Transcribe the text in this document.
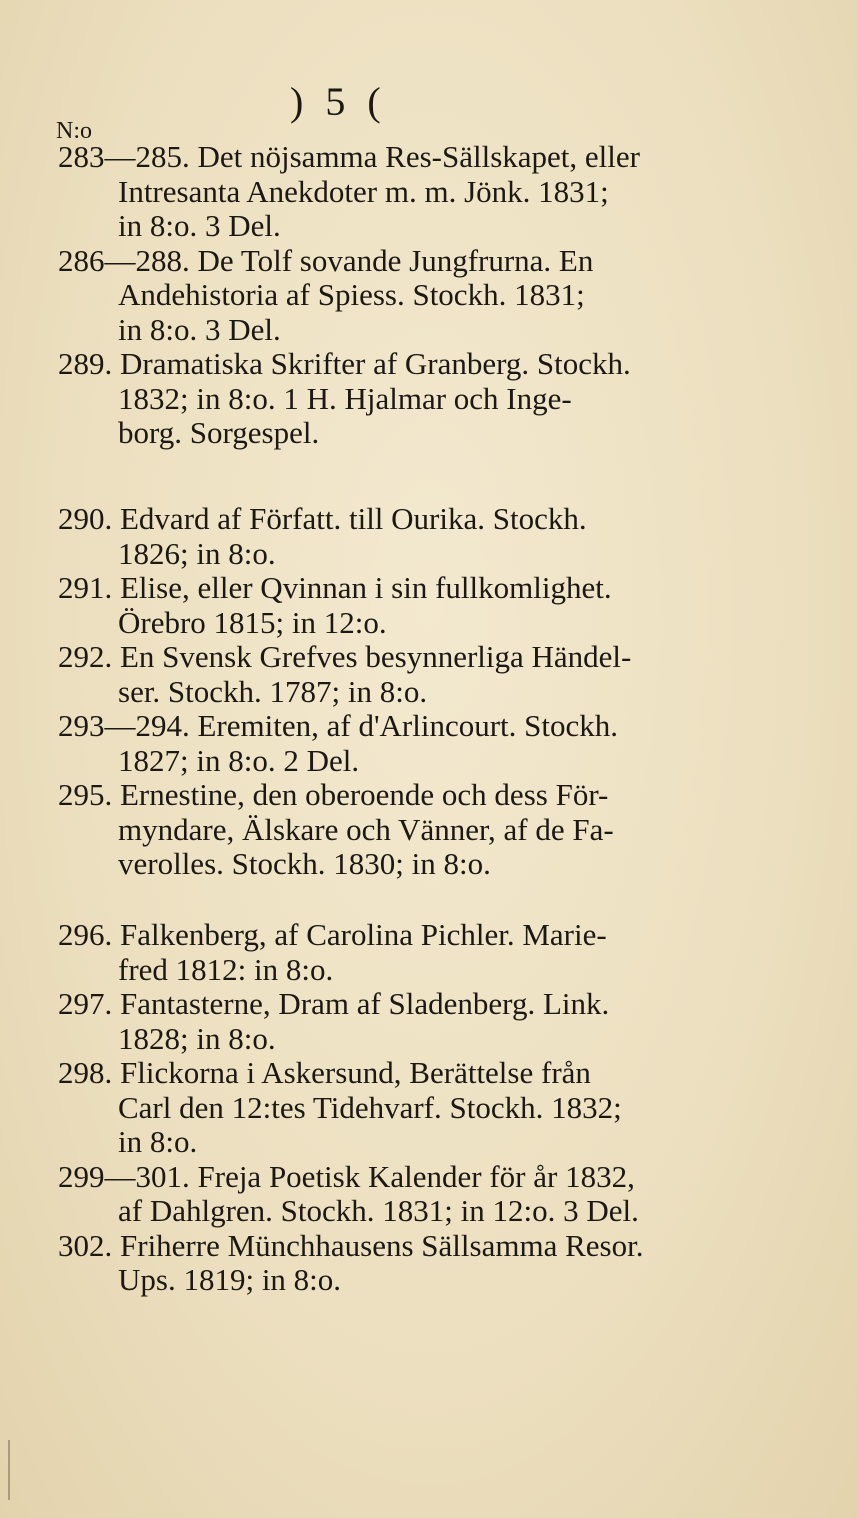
) 5 (
N:o
283—285. Det nöjsamma Res-Sällskapet, eller
Intresanta Anekdoter m. m. Jönk. 1831;
in 8:o. 3 Del.
286—288. De Tolf sovande Jungfrurna. En
Andehistoria af Spiess. Stockh. 1831;
in 8:o. 3 Del.
289. Dramatiska Skrifter af Granberg. Stockh.
1832; in 8:o. 1 H. Hjalmar och Inge-
borg. Sorgespel.
290. Edvard af Författ. till Ourika. Stockh.
1826; in 8:o.
291. Elise, eller Qvinnan i sin fullkomlighet.
Örebro 1815; in 12:o.
292. En Svensk Grefves besynnerliga Händel-
ser. Stockh. 1787; in 8:o.
293—294. Eremiten, af d'Arlincourt. Stockh.
1827; in 8:o. 2 Del.
295. Ernestine, den oberoende och dess För-
myndare, Älskare och Vänner, af de Fa-
verolles. Stockh. 1830; in 8:o.
296. Falkenberg, af Carolina Pichler. Marie-
fred 1812: in 8:o.
297. Fantasterne, Dram af Sladenberg. Link.
1828; in 8:o.
298. Flickorna i Askersund, Berättelse från
Carl den 12:tes Tidehvarf. Stockh. 1832;
in 8:o.
299—301. Freja Poetisk Kalender för år 1832,
af Dahlgren. Stockh. 1831; in 12:o. 3 Del.
302. Friherre Münchhausens Sällsamma Resor.
Ups. 1819; in 8:o.
